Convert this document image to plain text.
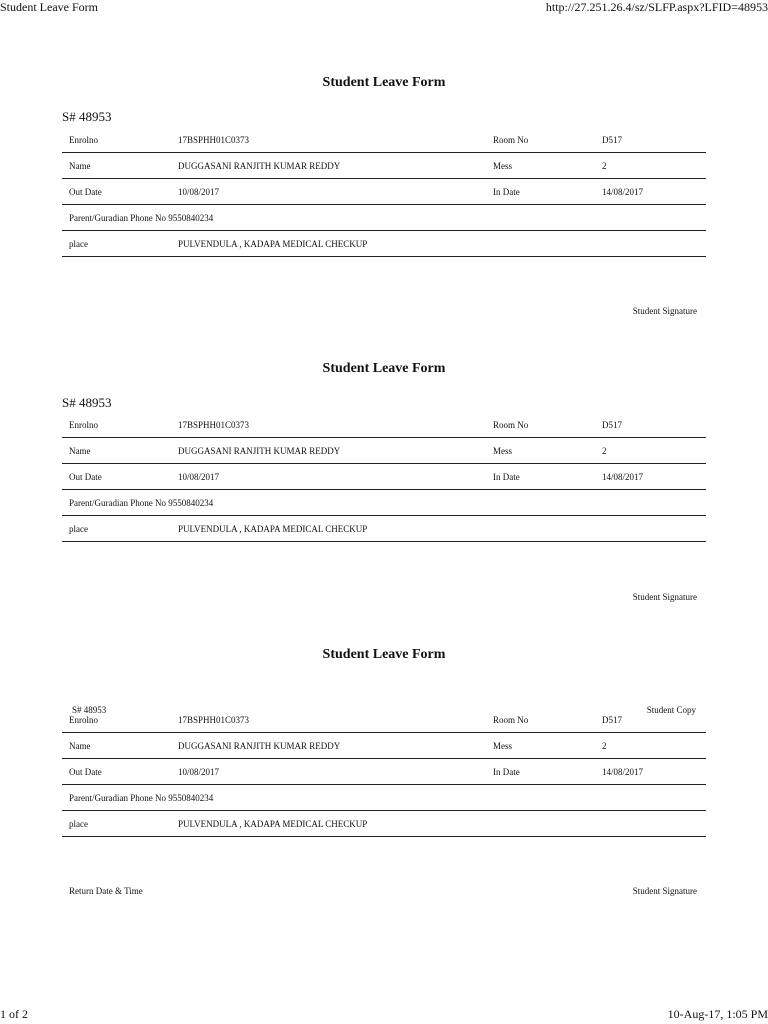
Student Leave Form	http://27.251.26.4/sz/SLFP.aspx?LFID=48953
Student Leave Form
S# 48953
Enrolno	17BSPHH01C0373	Room No	D517
Name	DUGGASANI RANJITH KUMAR REDDY	Mess	2
Out Date	10/08/2017	In Date	14/08/2017
Parent/Guradian Phone No 9550840234			
place	PULVENDULA , KADAPA MEDICAL CHECKUP		
Student Signature
Student Leave Form
S# 48953
Enrolno	17BSPHH01C0373	Room No	D517
Name	DUGGASANI RANJITH KUMAR REDDY	Mess	2
Out Date	10/08/2017	In Date	14/08/2017
Parent/Guradian Phone No 9550840234			
place	PULVENDULA , KADAPA MEDICAL CHECKUP		
Student Signature
Student Leave Form
S# 48953	Student Copy
Enrolno	17BSPHH01C0373	Room No	D517
Name	DUGGASANI RANJITH KUMAR REDDY	Mess	2
Out Date	10/08/2017	In Date	14/08/2017
Parent/Guradian Phone No 9550840234			
place	PULVENDULA , KADAPA MEDICAL CHECKUP		
Return Date & Time	Student Signature
1 of 2	10-Aug-17, 1:05 PM
